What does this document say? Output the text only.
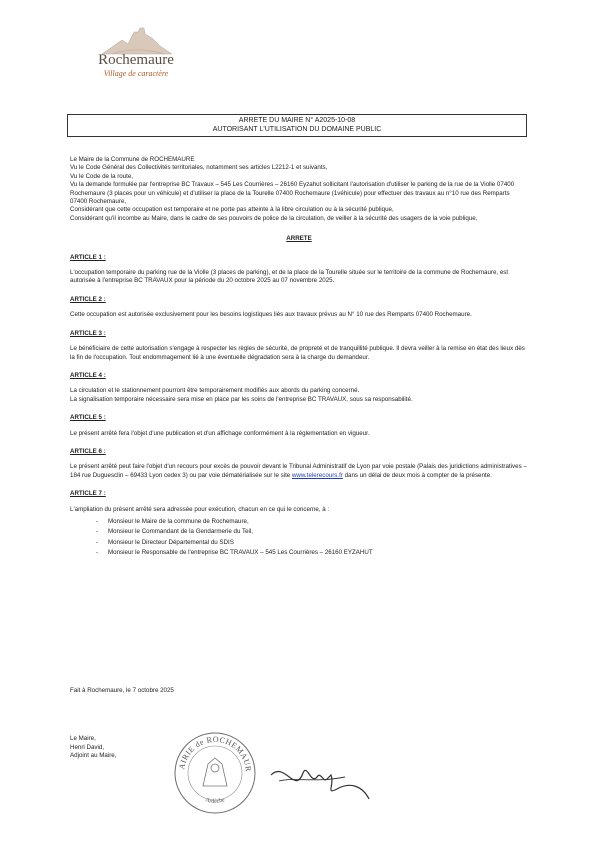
Rochemaure
Village de caractère
ARRETE DU MAIRE N° A2025-10-08
AUTORISANT L'UTILISATION DU DOMAINE PUBLIC

Le Maire de la Commune de ROCHEMAURE

Vu le Code Général des Collectivités territoriales, notamment ses articles L2212-1 et suivants,

Vu le Code de la route,

Vu la demande formulée par l'entreprise BC Travaux – 545 Les Courrières – 26160 Eyzahut sollicitant l'autorisation d'utiliser le parking de la rue de la Violle 07400 Rochemaure (3 places pour un véhicule) et d'utiliser la place de la Tourelle 07400 Rochemaure (1véhicule) pour effectuer des travaux au n°10 rue des Remparts 07400 Rochemaure,

Considérant que cette occupation est temporaire et ne porte pas atteinte à la libre circulation ou à la sécurité publique,

Considérant qu'il incombe au Maire, dans le cadre de ses pouvoirs de police de la circulation, de veiller à la sécurité des usagers de la voie publique,

ARRETE
ARTICLE 1 :

L'occupation temporaire du parking rue de la Violle (3 places de parking), et de la place de la Tourelle située sur le territoire de la commune de Rochemaure, est autorisée à l'entreprise BC TRAVAUX pour la période du 20 octobre 2025 au 07 novembre 2025.

ARTICLE 2 :

Cette occupation est autorisée exclusivement pour les besoins logistiques liés aux travaux prévus au N° 10 rue des Remparts 07400 Rochemaure.

ARTICLE 3 :

Le bénéficiaire de cette autorisation s'engage à respecter les règles de sécurité, de propreté et de tranquillité publique. Il devra veiller à la remise en état des lieux dès la fin de l'occupation. Tout endommagement lié à une éventuelle dégradation sera à la charge du demandeur.

ARTICLE 4 :

La circulation et le stationnement pourront être temporairement modifiés aux abords du parking concerné.
La signalisation temporaire nécessaire sera mise en place par les soins de l'entreprise BC TRAVAUX, sous sa responsabilité.

ARTICLE 5 :

Le présent arrêté fera l'objet d'une publication et d'un affichage conformément à la réglementation en vigueur.

ARTICLE 6 :

Le présent arrêté peut faire l'objet d'un recours pour excès de pouvoir devant le Tribunal Administratif de Lyon par voie postale (Palais des juridictions administratives – 184 rue Duguesclin – 69433 Lyon cedex 3) ou par voie dématérialisée sur le site www.telerecours.fr dans un délai de deux mois à compter de la présente.

ARTICLE 7 :

L'ampliation du présent arrêté sera adressée pour exécution, chacun en ce qui le concerne, à :

- Monsieur le Maire de la commune de Rochemaure,
- Monsieur le Commandant de la Gendarmerie du Teil,
- Monsieur le Directeur Départemental du SDIS
- Monsieur le Responsable de l'entreprise BC TRAVAUX – 545 Les Courrières – 26160 EYZAHUT
Fait à Rochemaure, le 7 octobre 2025
Le Maire,
Henri David,
Adjoint au Maire,
AIRIE de ROCHEMAUR
Ardèche
